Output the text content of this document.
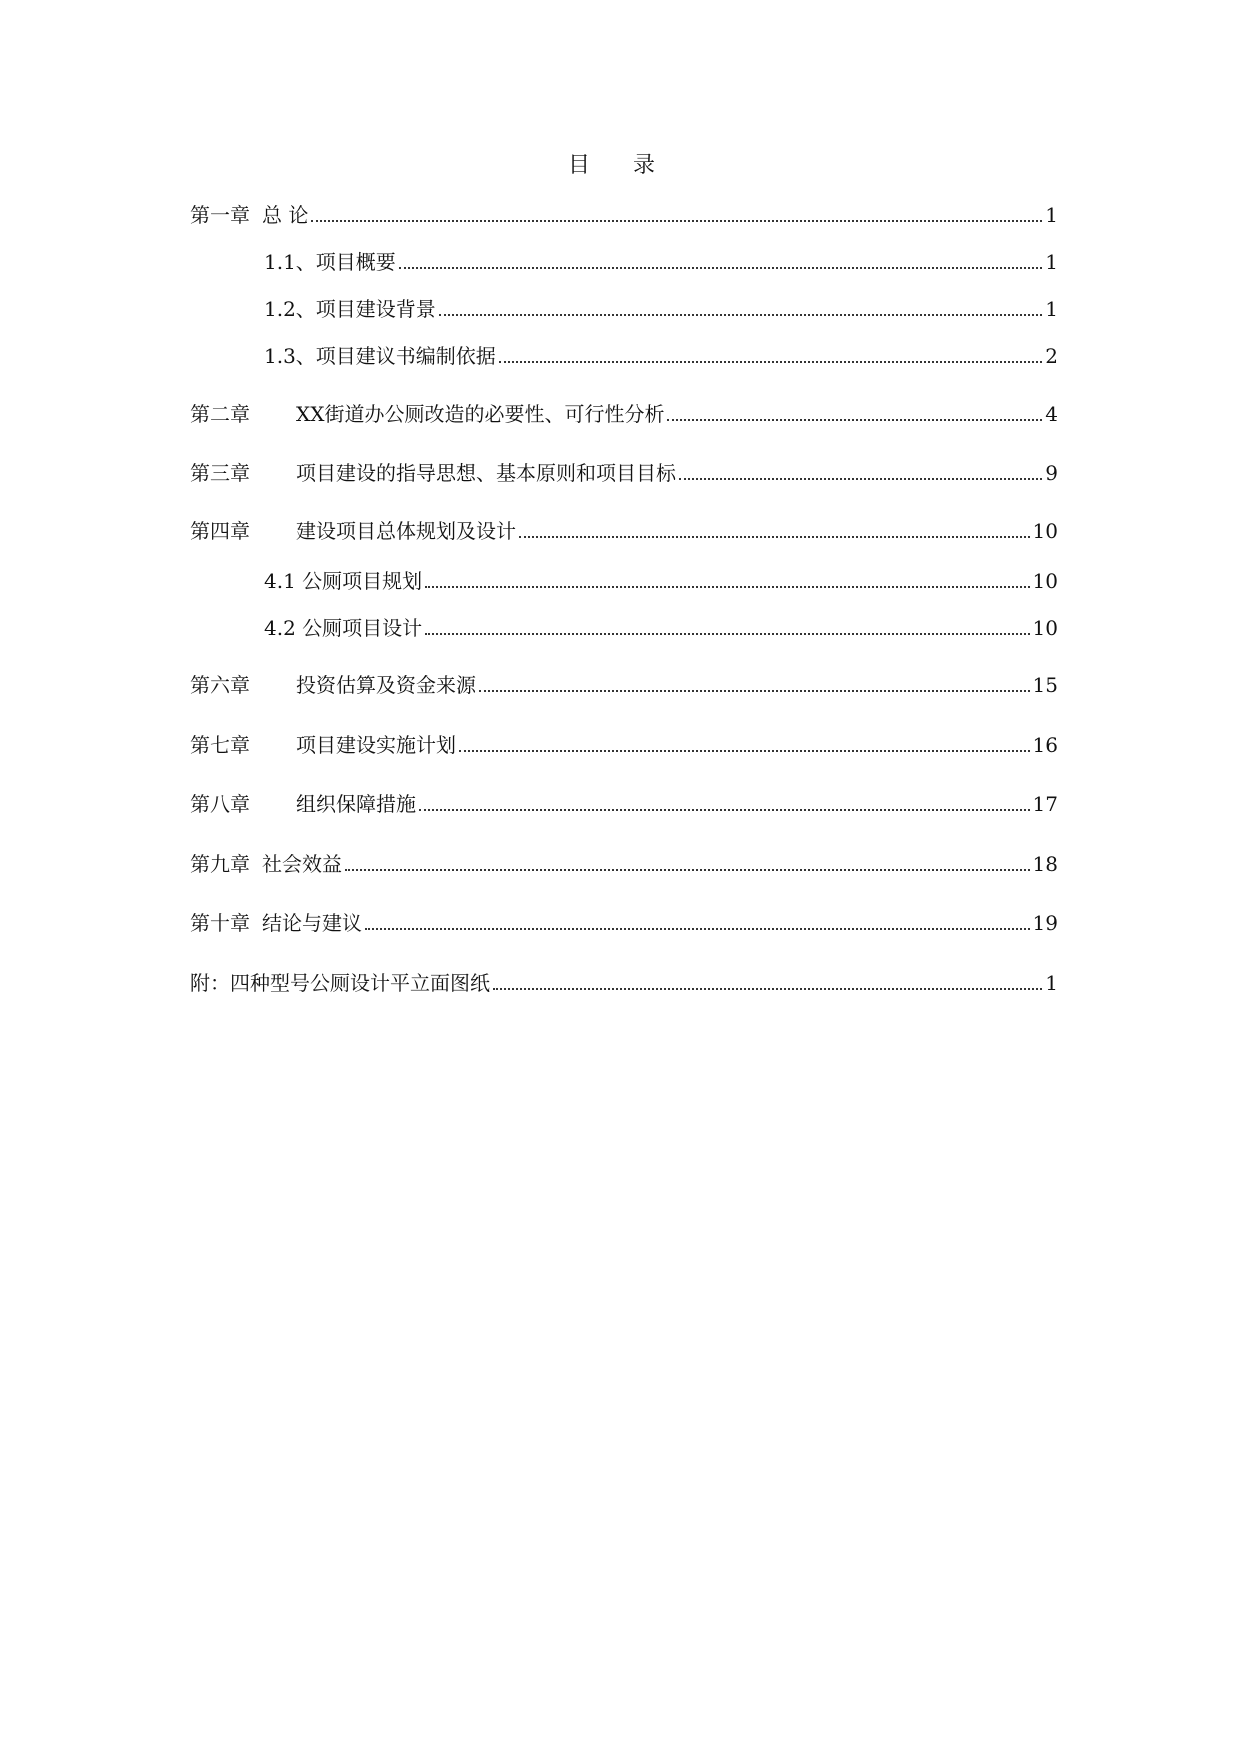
目 录
第一章 总 论	1
1.1、项目概要	1
1.2、项目建设背景	1
1.3、项目建议书编制依据	2
第二章 XX街道办公厕改造的必要性、可行性分析	4
第三章 项目建设的指导思想、基本原则和项目目标	9
第四章 建设项目总体规划及设计	10
4.1 公厕项目规划	10
4.2 公厕项目设计	10
第六章 投资估算及资金来源	15
第七章 项目建设实施计划	16
第八章 组织保障措施	17
第九章 社会效益	18
第十章 结论与建议	19
附：四种型号公厕设计平立面图纸	1
